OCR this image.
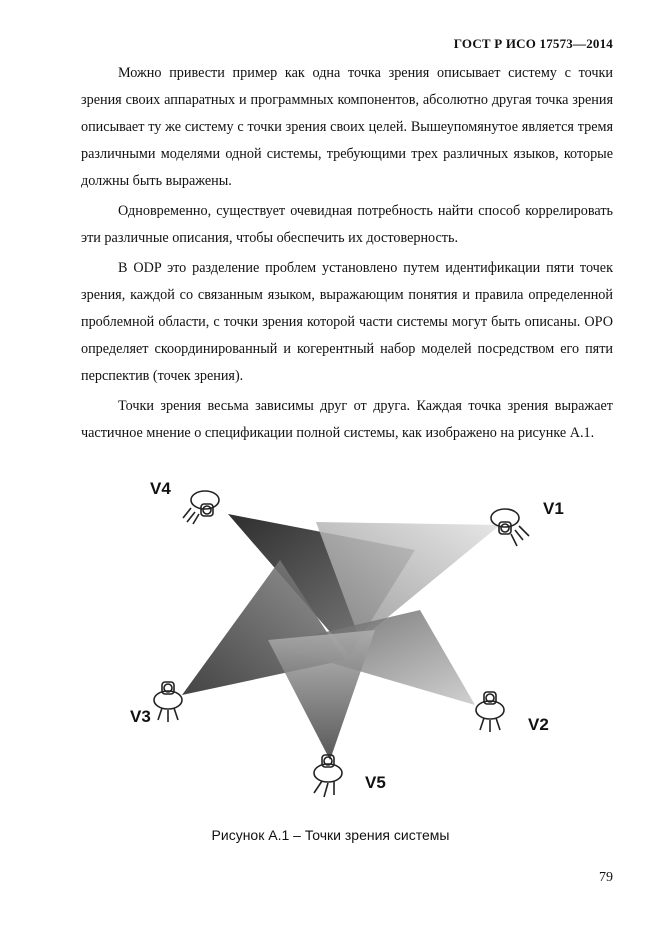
ГОСТ Р ИСО 17573—2014

Можно привести пример как одна точка зрения описывает систему с точки зрения своих аппаратных и программных компонентов, абсолютно другая точка зрения описывает ту же систему с точки зрения своих целей. Вышеупомянутое является тремя различными моделями одной системы, требующими трех различных языков, которые должны быть выражены.

Одновременно, существует очевидная потребность найти способ коррелировать эти различные описания, чтобы обеспечить их достоверность.

В ODP это разделение проблем установлено путем идентификации пяти точек зрения, каждой со связанным языком, выражающим понятия и правила определенной проблемной области, с точки зрения которой части системы могут быть описаны. ОРО определяет скоординированный и когерентный набор моделей посредством его пяти перспектив (точек зрения).

Точки зрения весьма зависимы друг от друга. Каждая точка зрения выражает частичное мнение о спецификации полной системы, как изображено на рисунке А.1.

V4
V1
V3	V2
V5
Рисунок А.1 – Точки зрения системы
79
